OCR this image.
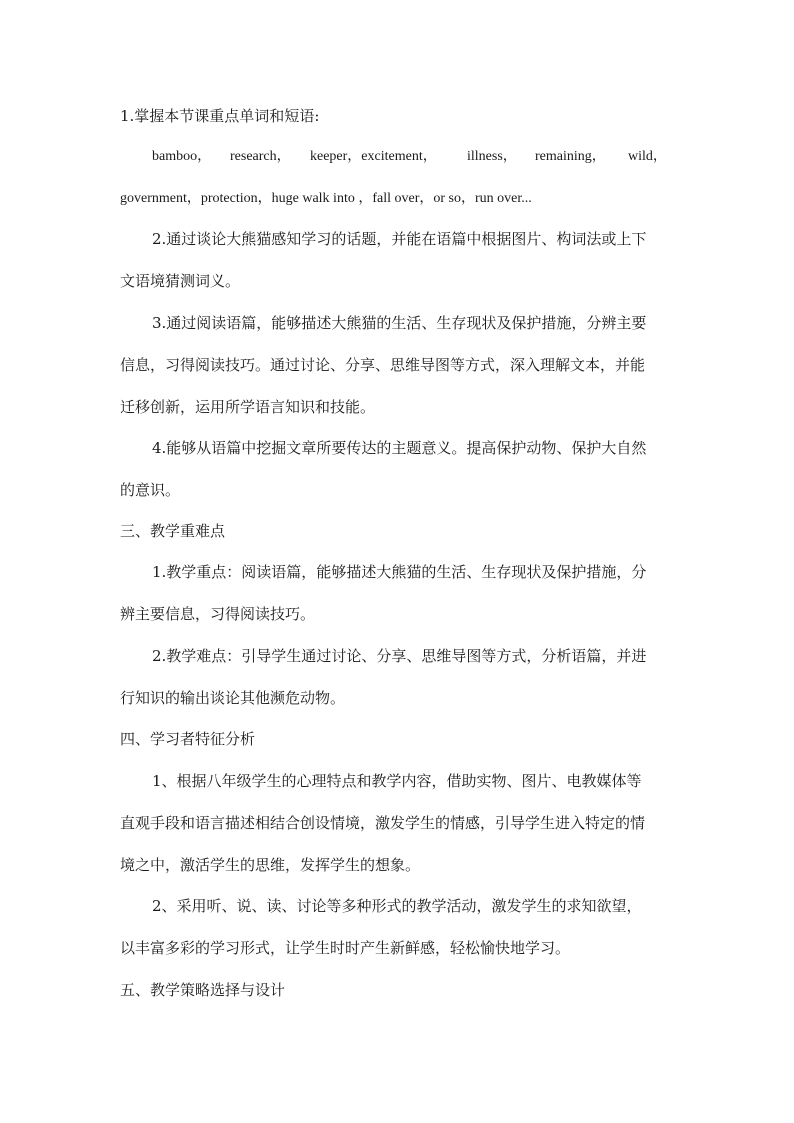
1.掌握本节课重点单词和短语:
bamboo， research， keeper，excitement， illness， remaining， wild，
government，protection，huge walk into ，fall over，or so，run over...
2.通过谈论大熊猫感知学习的话题，并能在语篇中根据图片、构词法或上下
文语境猜测词义。
3.通过阅读语篇，能够描述大熊猫的生活、生存现状及保护措施，分辨主要
信息，习得阅读技巧。通过讨论、分享、思维导图等方式，深入理解文本，并能
迁移创新，运用所学语言知识和技能。
4.能够从语篇中挖掘文章所要传达的主题意义。提高保护动物、保护大自然
的意识。
三、教学重难点
1.教学重点：阅读语篇，能够描述大熊猫的生活、生存现状及保护措施，分
辨主要信息，习得阅读技巧。
2.教学难点：引导学生通过讨论、分享、思维导图等方式，分析语篇，并进
行知识的输出谈论其他濒危动物。
四、学习者特征分析
1、根据八年级学生的心理特点和教学内容，借助实物、图片、电教媒体等
直观手段和语言描述相结合创设情境，激发学生的情感，引导学生进入特定的情
境之中，激活学生的思维，发挥学生的想象。
2、采用听、说、读、讨论等多种形式的教学活动，激发学生的求知欲望，
以丰富多彩的学习形式，让学生时时产生新鲜感，轻松愉快地学习。
五、教学策略选择与设计
